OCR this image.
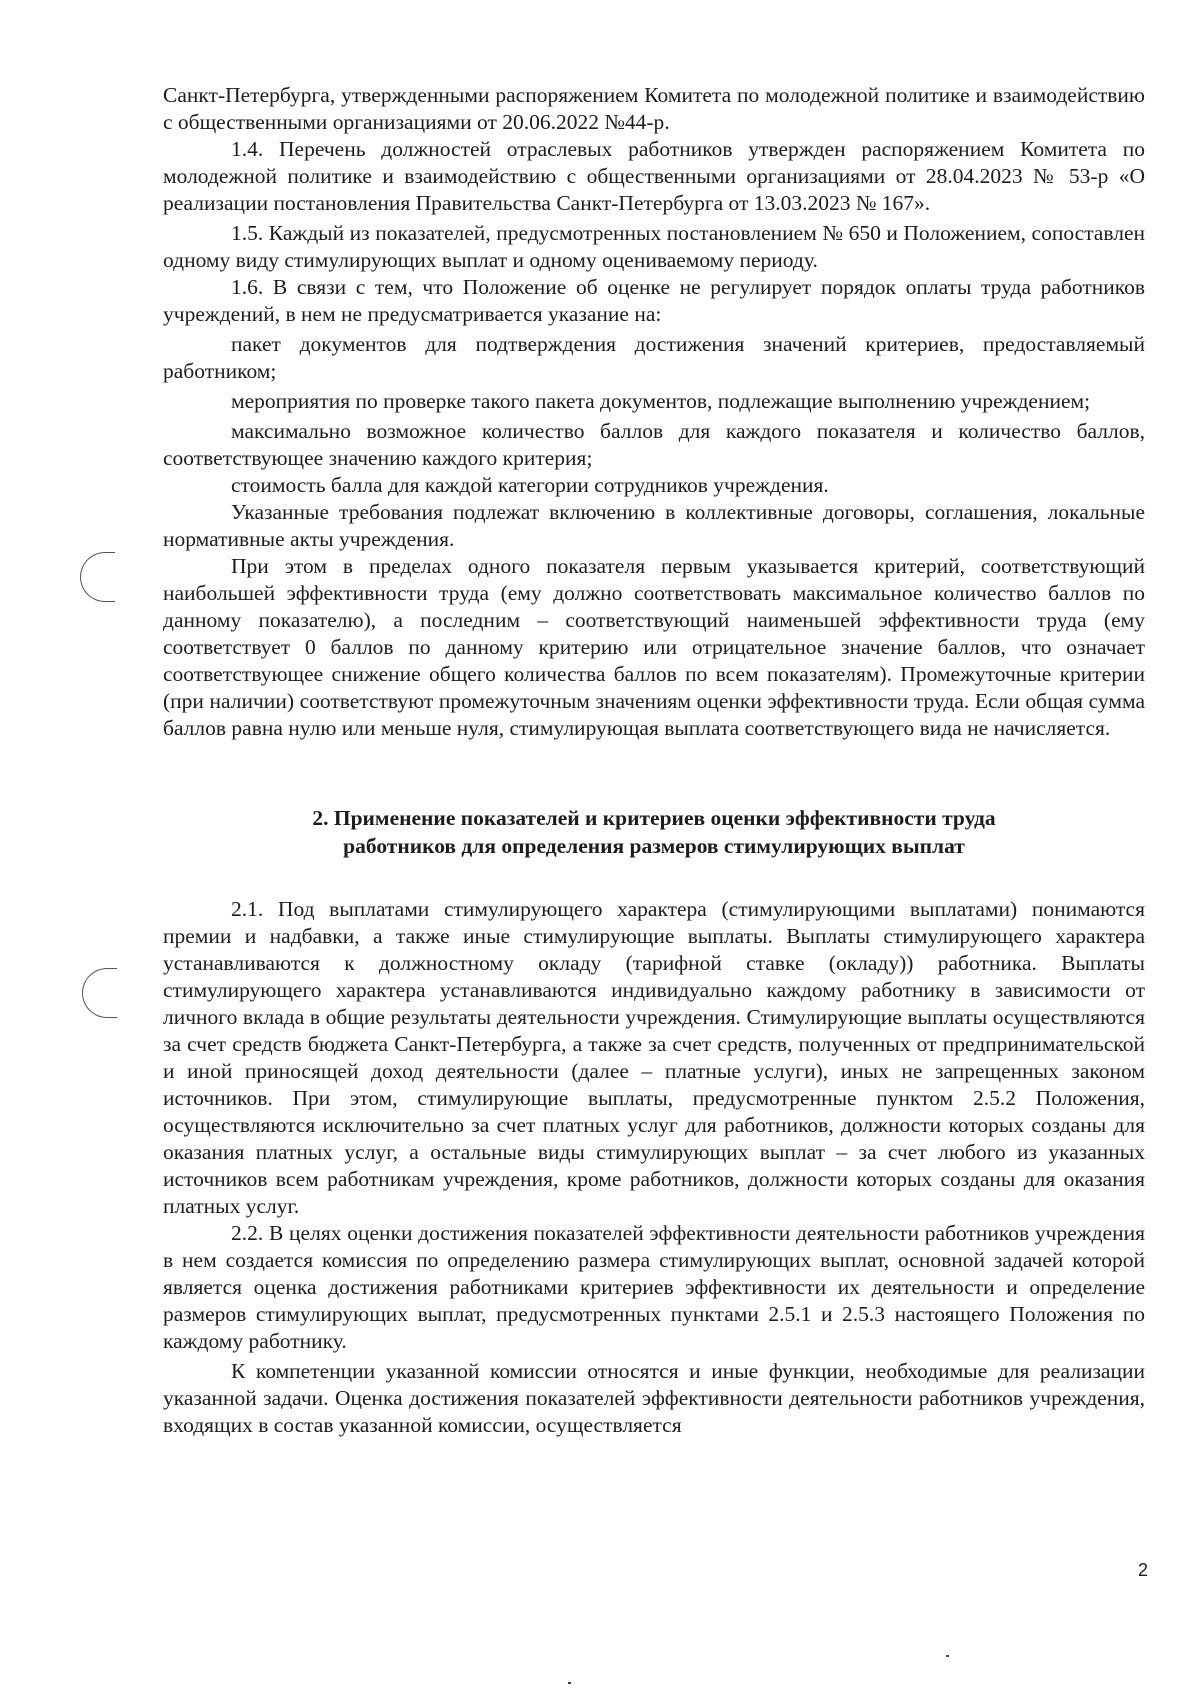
Санкт-Петербурга, утвержденными распоряжением Комитета по молодежной политике и взаимодействию с общественными организациями от 20.06.2022 №44-р.

1.4. Перечень должностей отраслевых работников утвержден распоряжением Комитета по молодежной политике и взаимодействию с общественными организациями от 28.04.2023 № 53-р «О реализации постановления Правительства Санкт-Петербурга от 13.03.2023 № 167».

1.5. Каждый из показателей, предусмотренных постановлением № 650 и Положением, сопоставлен одному виду стимулирующих выплат и одному оцениваемому периоду.

1.6. В связи с тем, что Положение об оценке не регулирует порядок оплаты труда работников учреждений, в нем не предусматривается указание на:

пакет документов для подтверждения достижения значений критериев, предоставляемый работником;

мероприятия по проверке такого пакета документов, подлежащие выполнению учреждением;

максимально возможное количество баллов для каждого показателя и количество баллов, соответствующее значению каждого критерия;

стоимость балла для каждой категории сотрудников учреждения.

Указанные требования подлежат включению в коллективные договоры, соглашения, локальные нормативные акты учреждения.

При этом в пределах одного показателя первым указывается критерий, соответствующий наибольшей эффективности труда (ему должно соответствовать максимальное количество баллов по данному показателю), а последним – соответствующий наименьшей эффективности труда (ему соответствует 0 баллов по данному критерию или отрицательное значение баллов, что означает соответствующее снижение общего количества баллов по всем показателям). Промежуточные критерии (при наличии) соответствуют промежуточным значениям оценки эффективности труда. Если общая сумма баллов равна нулю или меньше нуля, стимулирующая выплата соответствующего вида не начисляется.

2. Применение показателей и критериев оценки эффективности труда
работников для определения размеров стимулирующих выплат

2.1. Под выплатами стимулирующего характера (стимулирующими выплатами) понимаются премии и надбавки, а также иные стимулирующие выплаты. Выплаты стимулирующего характера устанавливаются к должностному окладу (тарифной ставке (окладу)) работника. Выплаты стимулирующего характера устанавливаются индивидуально каждому работнику в зависимости от личного вклада в общие результаты деятельности учреждения. Стимулирующие выплаты осуществляются за счет средств бюджета Санкт-Петербурга, а также за счет средств, полученных от предпринимательской и иной приносящей доход деятельности (далее – платные услуги), иных не запрещенных законом источников. При этом, стимулирующие выплаты, предусмотренные пунктом 2.5.2 Положения, осуществляются исключительно за счет платных услуг для работников, должности которых созданы для оказания платных услуг, а остальные виды стимулирующих выплат – за счет любого из указанных источников всем работникам учреждения, кроме работников, должности которых созданы для оказания платных услуг.

2.2. В целях оценки достижения показателей эффективности деятельности работников учреждения в нем создается комиссия по определению размера стимулирующих выплат, основной задачей которой является оценка достижения работниками критериев эффективности их деятельности и определение размеров стимулирующих выплат, предусмотренных пунктами 2.5.1 и 2.5.3 настоящего Положения по каждому работнику.

К компетенции указанной комиссии относятся и иные функции, необходимые для реализации указанной задачи. Оценка достижения показателей эффективности деятельности работников учреждения, входящих в состав указанной комиссии, осуществляется

2
